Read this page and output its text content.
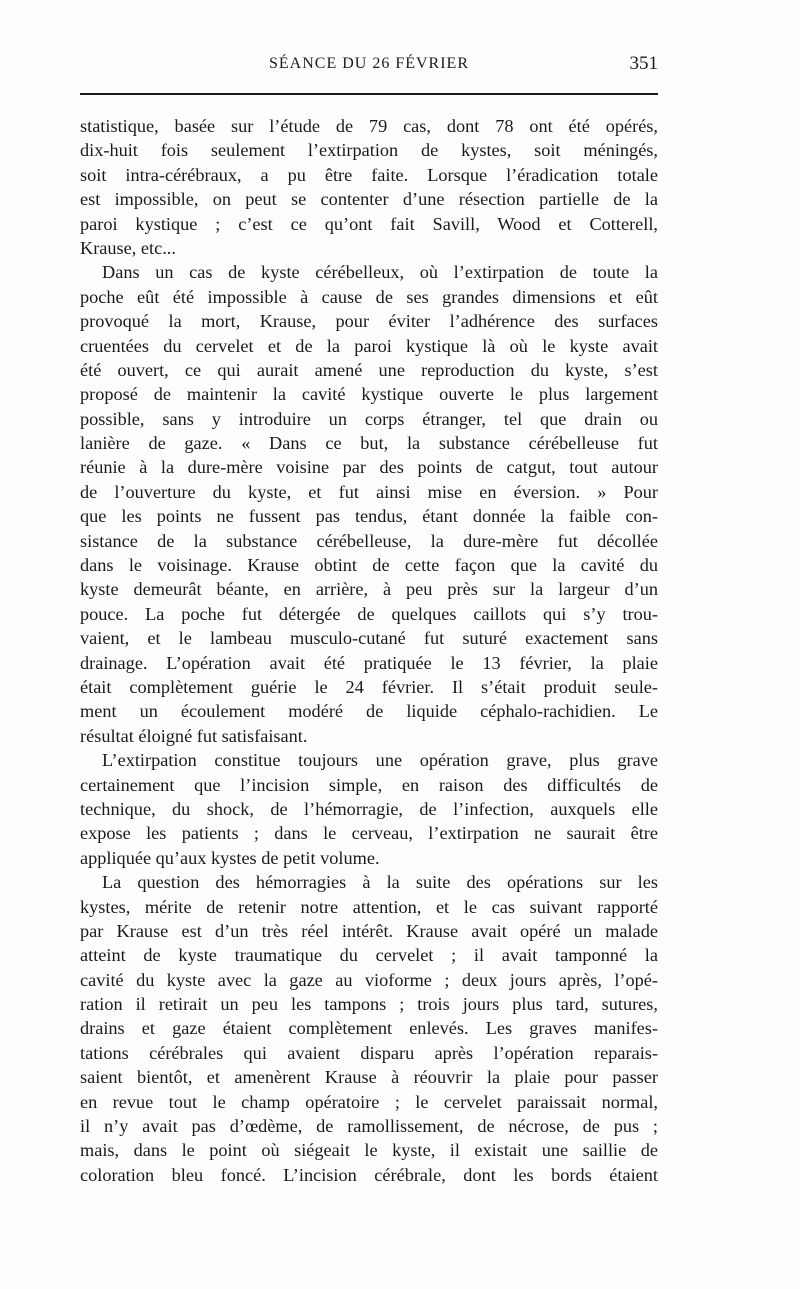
SÉANCE DU 26 FÉVRIER	351
statistique, basée sur l’étude de 79 cas, dont 78 ont été opérés,
dix-huit fois seulement l’extirpation de kystes, soit méningés,
soit intra-cérébraux, a pu être faite. Lorsque l’éradication totale
est impossible, on peut se contenter d’une résection partielle de la
paroi kystique ; c’est ce qu’ont fait Savill, Wood et Cotterell,
Krause, etc...
Dans un cas de kyste cérébelleux, où l’extirpation de toute la
poche eût été impossible à cause de ses grandes dimensions et eût
provoqué la mort, Krause, pour éviter l’adhérence des surfaces
cruentées du cervelet et de la paroi kystique là où le kyste avait
été ouvert, ce qui aurait amené une reproduction du kyste, s’est
proposé de maintenir la cavité kystique ouverte le plus largement
possible, sans y introduire un corps étranger, tel que drain ou
lanière de gaze. « Dans ce but, la substance cérébelleuse fut
réunie à la dure-mère voisine par des points de catgut, tout autour
de l’ouverture du kyste, et fut ainsi mise en éversion. » Pour
que les points ne fussent pas tendus, étant donnée la faible con-
sistance de la substance cérébelleuse, la dure-mère fut décollée
dans le voisinage. Krause obtint de cette façon que la cavité du
kyste demeurât béante, en arrière, à peu près sur la largeur d’un
pouce. La poche fut détergée de quelques caillots qui s’y trou-
vaient, et le lambeau musculo-cutané fut suturé exactement sans
drainage. L’opération avait été pratiquée le 13 février, la plaie
était complètement guérie le 24 février. Il s’était produit seule-
ment un écoulement modéré de liquide céphalo-rachidien. Le
résultat éloigné fut satisfaisant.
L’extirpation constitue toujours une opération grave, plus grave
certainement que l’incision simple, en raison des difficultés de
technique, du shock, de l’hémorragie, de l’infection, auxquels elle
expose les patients ; dans le cerveau, l’extirpation ne saurait être
appliquée qu’aux kystes de petit volume.
La question des hémorragies à la suite des opérations sur les
kystes, mérite de retenir notre attention, et le cas suivant rapporté
par Krause est d’un très réel intérêt. Krause avait opéré un malade
atteint de kyste traumatique du cervelet ; il avait tamponné la
cavité du kyste avec la gaze au vioforme ; deux jours après, l’opé-
ration il retirait un peu les tampons ; trois jours plus tard, sutures,
drains et gaze étaient complètement enlevés. Les graves manifes-
tations cérébrales qui avaient disparu après l’opération reparais-
saient bientôt, et amenèrent Krause à réouvrir la plaie pour passer
en revue tout le champ opératoire ; le cervelet paraissait normal,
il n’y avait pas d’œdème, de ramollissement, de nécrose, de pus ;
mais, dans le point où siégeait le kyste, il existait une saillie de
coloration bleu foncé. L’incision cérébrale, dont les bords étaient
